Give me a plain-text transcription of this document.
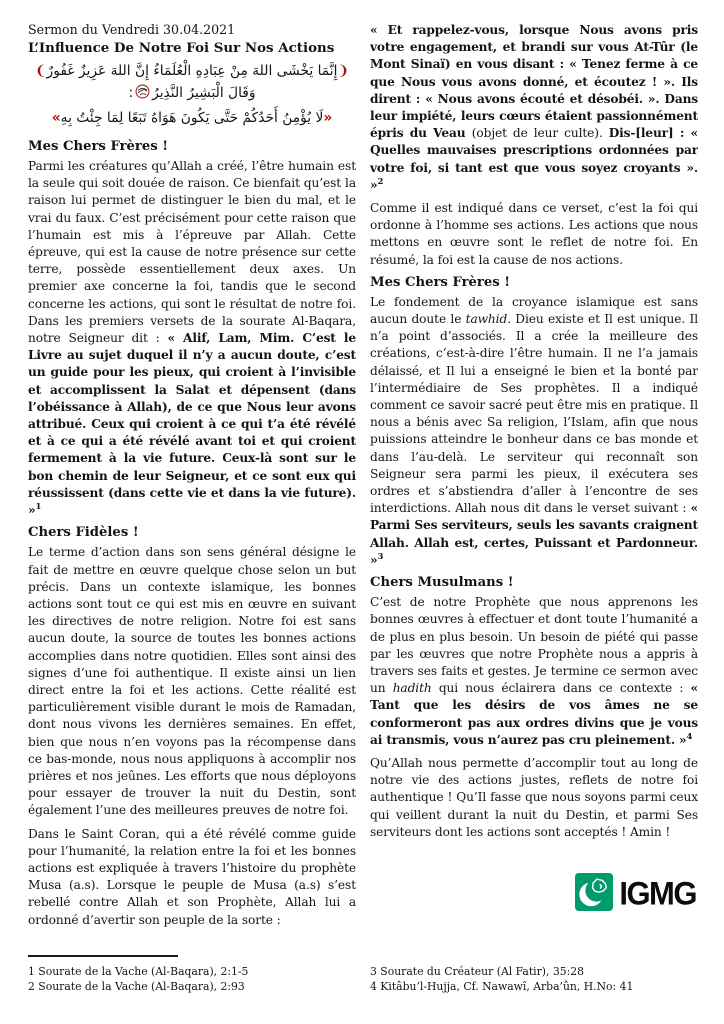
Sermon du Vendredi 30.04.2021
L’Influence De Notre Foi Sur Nos Actions
❨إِنَّمَا يَخْشَى اللهَ مِنْ عِبَادِهِ الْعُلَمَاءُ إِنَّ اللهَ عَزِيزٌ غَفُورٌ❩
وَقَالَ الْبَشِيرُ النَّذِيرُ:
«لَا يُؤْمِنُ أَحَدُكُمْ حَتَّى يَكُونَ هَوَاهُ تَبَعًا لِمَا جِئْتُ بِهِ»
Mes Chers Frères !

Parmi les créatures qu’Allah a créé, l’être humain est la seule qui soit douée de raison. Ce bienfait qu’est la raison lui permet de distinguer le bien du mal, et le vrai du faux. C’est précisément pour cette raison que l’humain est mis à l’épreuve par Allah. Cette épreuve, qui est la cause de notre présence sur cette terre, possède essentiellement deux axes. Un premier axe concerne la foi, tandis que le second concerne les actions, qui sont le résultat de notre foi. Dans les premiers versets de la sourate Al-Baqara, notre Seigneur dit : « Alif, Lam, Mim. C’est le Livre au sujet duquel il n’y a aucun doute, c’est un guide pour les pieux, qui croient à l’invisible et accomplissent la Salat et dépensent (dans l’obéissance à Allah), de ce que Nous leur avons attribué. Ceux qui croient à ce qui t’a été révélé et à ce qui a été révélé avant toi et qui croient fermement à la vie future. Ceux-là sont sur le bon chemin de leur Seigneur, et ce sont eux qui réussissent (dans cette vie et dans la vie future). »$^1$

Chers Fidèles !

Le terme d’action dans son sens général désigne le fait de mettre en œuvre quelque chose selon un but précis. Dans un contexte islamique, les bonnes actions sont tout ce qui est mis en œuvre en suivant les directives de notre religion. Notre foi est sans aucun doute, la source de toutes les bonnes actions accomplies dans notre quotidien. Elles sont ainsi des signes d’une foi authentique. Il existe ainsi un lien direct entre la foi et les actions. Cette réalité est particulièrement visible durant le mois de Ramadan, dont nous vivons les dernières semaines. En effet, bien que nous n’en voyons pas la récompense dans ce bas-monde, nous nous appliquons à accomplir nos prières et nos jeûnes. Les efforts que nous déployons pour essayer de trouver la nuit du Destin, sont également l’une des meilleures preuves de notre foi.

Dans le Saint Coran, qui a été révélé comme guide pour l’humanité, la relation entre la foi et les bonnes actions est expliquée à travers l’histoire du prophète Musa (a.s). Lorsque le peuple de Musa (a.s) s’est rebellé contre Allah et son Prophète, Allah lui a ordonné d’avertir son peuple de la sorte :

1 Sourate de la Vache (Al-Baqara), 2:1-5
2 Sourate de la Vache (Al-Baqara), 2:93

« Et rappelez-vous, lorsque Nous avons pris votre engagement, et brandi sur vous At-Tûr (le Mont Sinaï) en vous disant : « Tenez ferme à ce que Nous vous avons donné, et écoutez ! ». Ils dirent : « Nous avons écouté et désobéi. ». Dans leur impiété, leurs cœurs étaient passionnément épris du Veau (objet de leur culte). Dis-[leur] : « Quelles mauvaises prescriptions ordonnées par votre foi, si tant est que vous soyez croyants ». »$^2$

Comme il est indiqué dans ce verset, c’est la foi qui ordonne à l’homme ses actions. Les actions que nous mettons en œuvre sont le reflet de notre foi. En résumé, la foi est la cause de nos actions.

Mes Chers Frères !

Le fondement de la croyance islamique est sans aucun doute le tawhid. Dieu existe et Il est unique. Il n’a point d’associés. Il a crée la meilleure des créations, c’est-à-dire l’être humain. Il ne l’a jamais délaissé, et Il lui a enseigné le bien et la bonté par l’intermédiaire de Ses prophètes. Il a indiqué comment ce savoir sacré peut être mis en pratique. Il nous a bénis avec Sa religion, l’Islam, afin que nous puissions atteindre le bonheur dans ce bas monde et dans l’au-delà. Le serviteur qui reconnaît son Seigneur sera parmi les pieux, il exécutera ses ordres et s’abstiendra d’aller à l’encontre de ses interdictions. Allah nous dit dans le verset suivant : « Parmi Ses serviteurs, seuls les savants craignent Allah. Allah est, certes, Puissant et Pardonneur. »$^3$

Chers Musulmans !

C’est de notre Prophète que nous apprenons les bonnes œuvres à effectuer et dont toute l’humanité a de plus en plus besoin. Un besoin de piété qui passe par les œuvres que notre Prophète nous a appris à travers ses faits et gestes. Je termine ce sermon avec un hadith qui nous éclairera dans ce contexte : « Tant que les désirs de vos âmes ne se conformeront pas aux ordres divins que je vous ai transmis, vous n’aurez pas cru pleinement. »$^4$

Qu’Allah nous permette d’accomplir tout au long de notre vie des actions justes, reflets de notre foi authentique ! Qu’Il fasse que nous soyons parmi ceux qui veillent durant la nuit du Destin, et parmi Ses serviteurs dont les actions sont acceptés ! Amin !

IGMG
3 Sourate du Créateur (Al Fatir), 35:28
4 Kitâbu’l-Hujja, Cf. Nawawî, Arba’ûn, H.No: 41
